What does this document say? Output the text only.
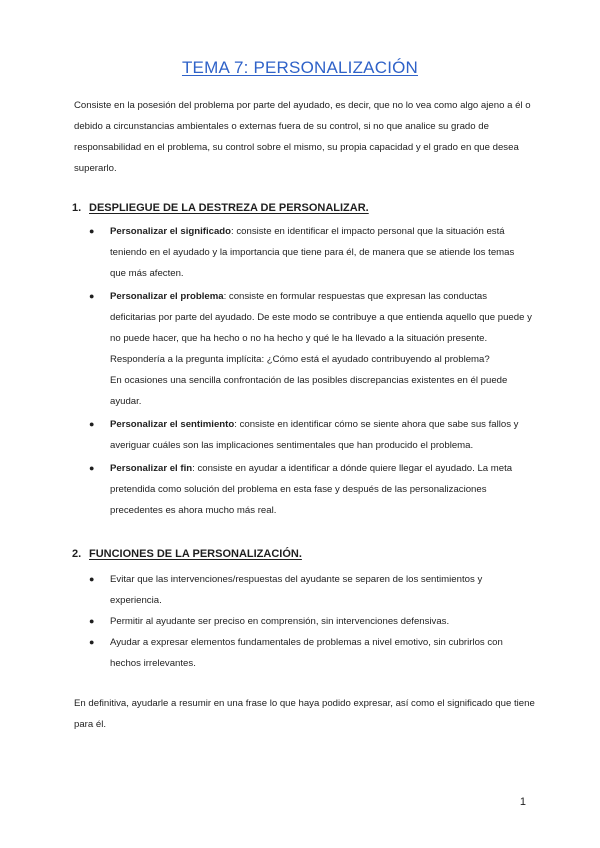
TEMA 7: PERSONALIZACIÓN

Consiste en la posesión del problema por parte del ayudado, es decir, que no lo vea como algo ajeno a él o debido a circunstancias ambientales o externas fuera de su control, si no que analice su grado de responsabilidad en el problema, su control sobre el mismo, su propia capacidad y el grado en que desea superarlo.

1. DESPLIEGUE DE LA DESTREZA DE PERSONALIZAR.
●	Personalizar el significado: consiste en identificar el impacto personal que la situación está teniendo en el ayudado y la importancia que tiene para él, de manera que se atiende los temas que más afecten.
●	Personalizar el problema: consiste en formular respuestas que expresan las conductas deficitarias por parte del ayudado. De este modo se contribuye a que entienda aquello que puede y no puede hacer, que ha hecho o no ha hecho y qué le ha llevado a la situación presente. Respondería a la pregunta implícita: ¿Cómo está el ayudado contribuyendo al problema?
En ocasiones una sencilla confrontación de las posibles discrepancias existentes en él puede ayudar.
●	Personalizar el sentimiento: consiste en identificar cómo se siente ahora que sabe sus fallos y averiguar cuáles son las implicaciones sentimentales que han producido el problema.
●	Personalizar el fin: consiste en ayudar a identificar a dónde quiere llegar el ayudado. La meta pretendida como solución del problema en esta fase y después de las personalizaciones precedentes es ahora mucho más real.
2. FUNCIONES DE LA PERSONALIZACIÓN.
●	Evitar que las intervenciones/respuestas del ayudante se separen de los sentimientos y experiencia.
●	Permitir al ayudante ser preciso en comprensión, sin intervenciones defensivas.
●	Ayudar a expresar elementos fundamentales de problemas a nivel emotivo, sin cubrirlos con hechos irrelevantes.

En definitiva, ayudarle a resumir en una frase lo que haya podido expresar, así como el significado que tiene para él.

1
